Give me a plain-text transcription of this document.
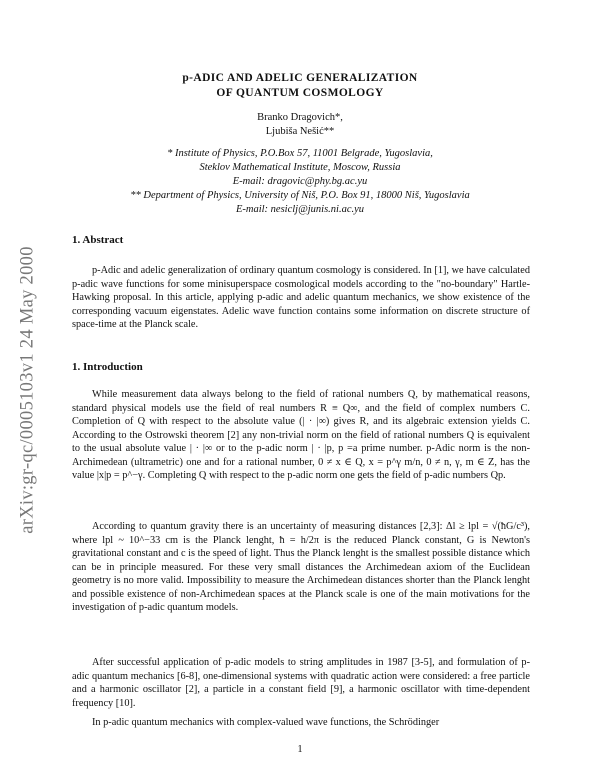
arXiv:gr-qc/0005103v1 24 May 2000
p-ADIC AND ADELIC GENERALIZATION
OF QUANTUM COSMOLOGY
Branko Dragovich*,
Ljubiša Nešić**
* Institute of Physics, P.O.Box 57, 11001 Belgrade, Yugoslavia,
Steklov Mathematical Institute, Moscow, Russia
E-mail: dragovic@phy.bg.ac.yu
** Department of Physics, University of Niš, P.O. Box 91, 18000 Niš, Yugoslavia
E-mail: nesiclj@junis.ni.ac.yu
1. Abstract

p-Adic and adelic generalization of ordinary quantum cosmology is considered. In [1], we have calculated p-adic wave functions for some minisuperspace cosmological models according to the "no-boundary" Hartle-Hawking proposal. In this article, applying p-adic and adelic quantum mechanics, we show existence of the corresponding vacuum eigenstates. Adelic wave function contains some information on discrete structure of space-time at the Planck scale.

1. Introduction

While measurement data always belong to the field of rational numbers Q, by mathematical reasons, standard physical models use the field of real numbers R ≡ Q∞, and the field of complex numbers C. Completion of Q with respect to the absolute value (| · |∞) gives R, and its algebraic extension yields C. According to the Ostrowski theorem [2] any non-trivial norm on the field of rational numbers Q is equivalent to the usual absolute value | · |∞ or to the p-adic norm | · |p, p =a prime number. p-Adic norm is the non-Archimedean (ultrametric) one and for a rational number, 0 ≠ x ∈ Q, x = p^γ m/n, 0 ≠ n, γ, m ∈ Z, has the value |x|p = p^−γ. Completing Q with respect to the p-adic norm one gets the field of p-adic numbers Qp.

According to quantum gravity there is an uncertainty of measuring distances [2,3]: Δl ≥ lpl = √(ħG/c³), where lpl ~ 10^−33 cm is the Planck lenght, ħ = h/2π is the reduced Planck constant, G is Newton's gravitational constant and c is the speed of light. Thus the Planck lenght is the smallest possible distance which can be in principle measured. For these very small distances the Archimedean axiom of the Euclidean geometry is no more valid. Impossibility to measure the Archimedean distances shorter than the Planck lenght and possible existence of non-Archimedean spaces at the Planck scale is one of the main motivations for the investigation of p-adic quantum models.

After successful application of p-adic models to string amplitudes in 1987 [3-5], and formulation of p-adic quantum mechanics [6-8], one-dimensional systems with quadratic action were considered: a free particle and a harmonic oscillator [2], a particle in a constant field [9], a harmonic oscillator with time-dependent frequency [10].

In p-adic quantum mechanics with complex-valued wave functions, the Schrödinger

1
